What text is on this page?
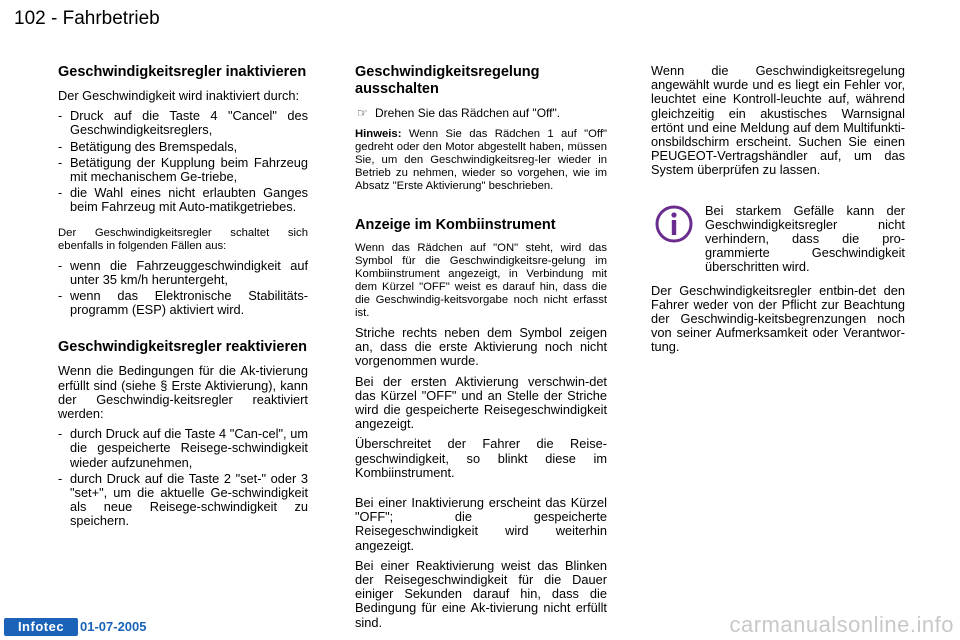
102 - Fahrbetrieb
Geschwindigkeitsregler inaktivieren

Der Geschwindigkeit wird inaktiviert durch:

- Druck auf die Taste 4 "Cancel" des Geschwindigkeitsreglers,
- Betätigung des Bremspedals,
- Betätigung der Kupplung beim Fahrzeug mit mechanischem Ge-triebe,
- die Wahl eines nicht erlaubten Ganges beim Fahrzeug mit Auto-matikgetriebes.

Der Geschwindigkeitsregler schaltet sich ebenfalls in folgenden Fällen aus:

- wenn die Fahrzeuggeschwindigkeit auf unter 35 km/h heruntergeht,
- wenn das Elektronische Stabilitäts-programm (ESP) aktiviert wird.
Geschwindigkeitsregler reaktivieren

Wenn die Bedingungen für die Ak-tivierung erfüllt sind (siehe § Erste Aktivierung), kann der Geschwindig-keitsregler reaktiviert werden:

- durch Druck auf die Taste 4 "Can-cel", um die gespeicherte Reisege-schwindigkeit wieder aufzunehmen,
- durch Druck auf die Taste 2 "set-" oder 3 "set+", um die aktuelle Ge-schwindigkeit als neue Reisege-schwindigkeit zu speichern.
Geschwindigkeitsregelung ausschalten
☞ Drehen Sie das Rädchen auf "Off".

Hinweis: Wenn Sie das Rädchen 1 auf "Off" gedreht oder den Motor abgestellt haben, müssen Sie, um den Geschwindigkeitsreg-ler wieder in Betrieb zu nehmen, wieder so vorgehen, wie im Absatz "Erste Aktivierung" beschrieben.

Anzeige im Kombiinstrument

Wenn das Rädchen auf "ON" steht, wird das Symbol für die Geschwindigkeitsre-gelung im Kombiinstrument angezeigt, in Verbindung mit dem Kürzel "OFF" weist es darauf hin, dass die die Geschwindig-keitsvorgabe noch nicht erfasst ist.

Striche rechts neben dem Symbol zeigen an, dass die erste Aktivierung noch nicht vorgenommen wurde.

Bei der ersten Aktivierung verschwin-det das Kürzel "OFF" und an Stelle der Striche wird die gespeicherte Reisegeschwindigkeit angezeigt.

Überschreitet der Fahrer die Reise-geschwindigkeit, so blinkt diese im Kombiinstrument.

Bei einer Inaktivierung erscheint das Kürzel "OFF"; die gespeicherte Reisegeschwindigkeit wird weiterhin angezeigt.

Bei einer Reaktivierung weist das Blinken der Reisegeschwindigkeit für die Dauer einiger Sekunden darauf hin, dass die Bedingung für eine Ak-tivierung nicht erfüllt sind.

Wenn die Geschwindigkeitsregelung angewählt wurde und es liegt ein Fehler vor, leuchtet eine Kontroll-leuchte auf, während gleichzeitig ein akustisches Warnsignal ertönt und eine Meldung auf dem Multifunkti-onsbildschirm erscheint. Suchen Sie einen PEUGEOT-Vertragshändler auf, um das System überprüfen zu lassen.

Bei starkem Gefälle kann der Geschwindigkeitsregler nicht verhindern, dass die pro-grammierte Geschwindigkeit überschritten wird.

Der Geschwindigkeitsregler entbin-det den Fahrer weder von der Pflicht zur Beachtung der Geschwindig-keitsbegrenzungen noch von seiner Aufmerksamkeit oder Verantwor-tung.

Infotec	01-07-2005	carmanualsonline.info
